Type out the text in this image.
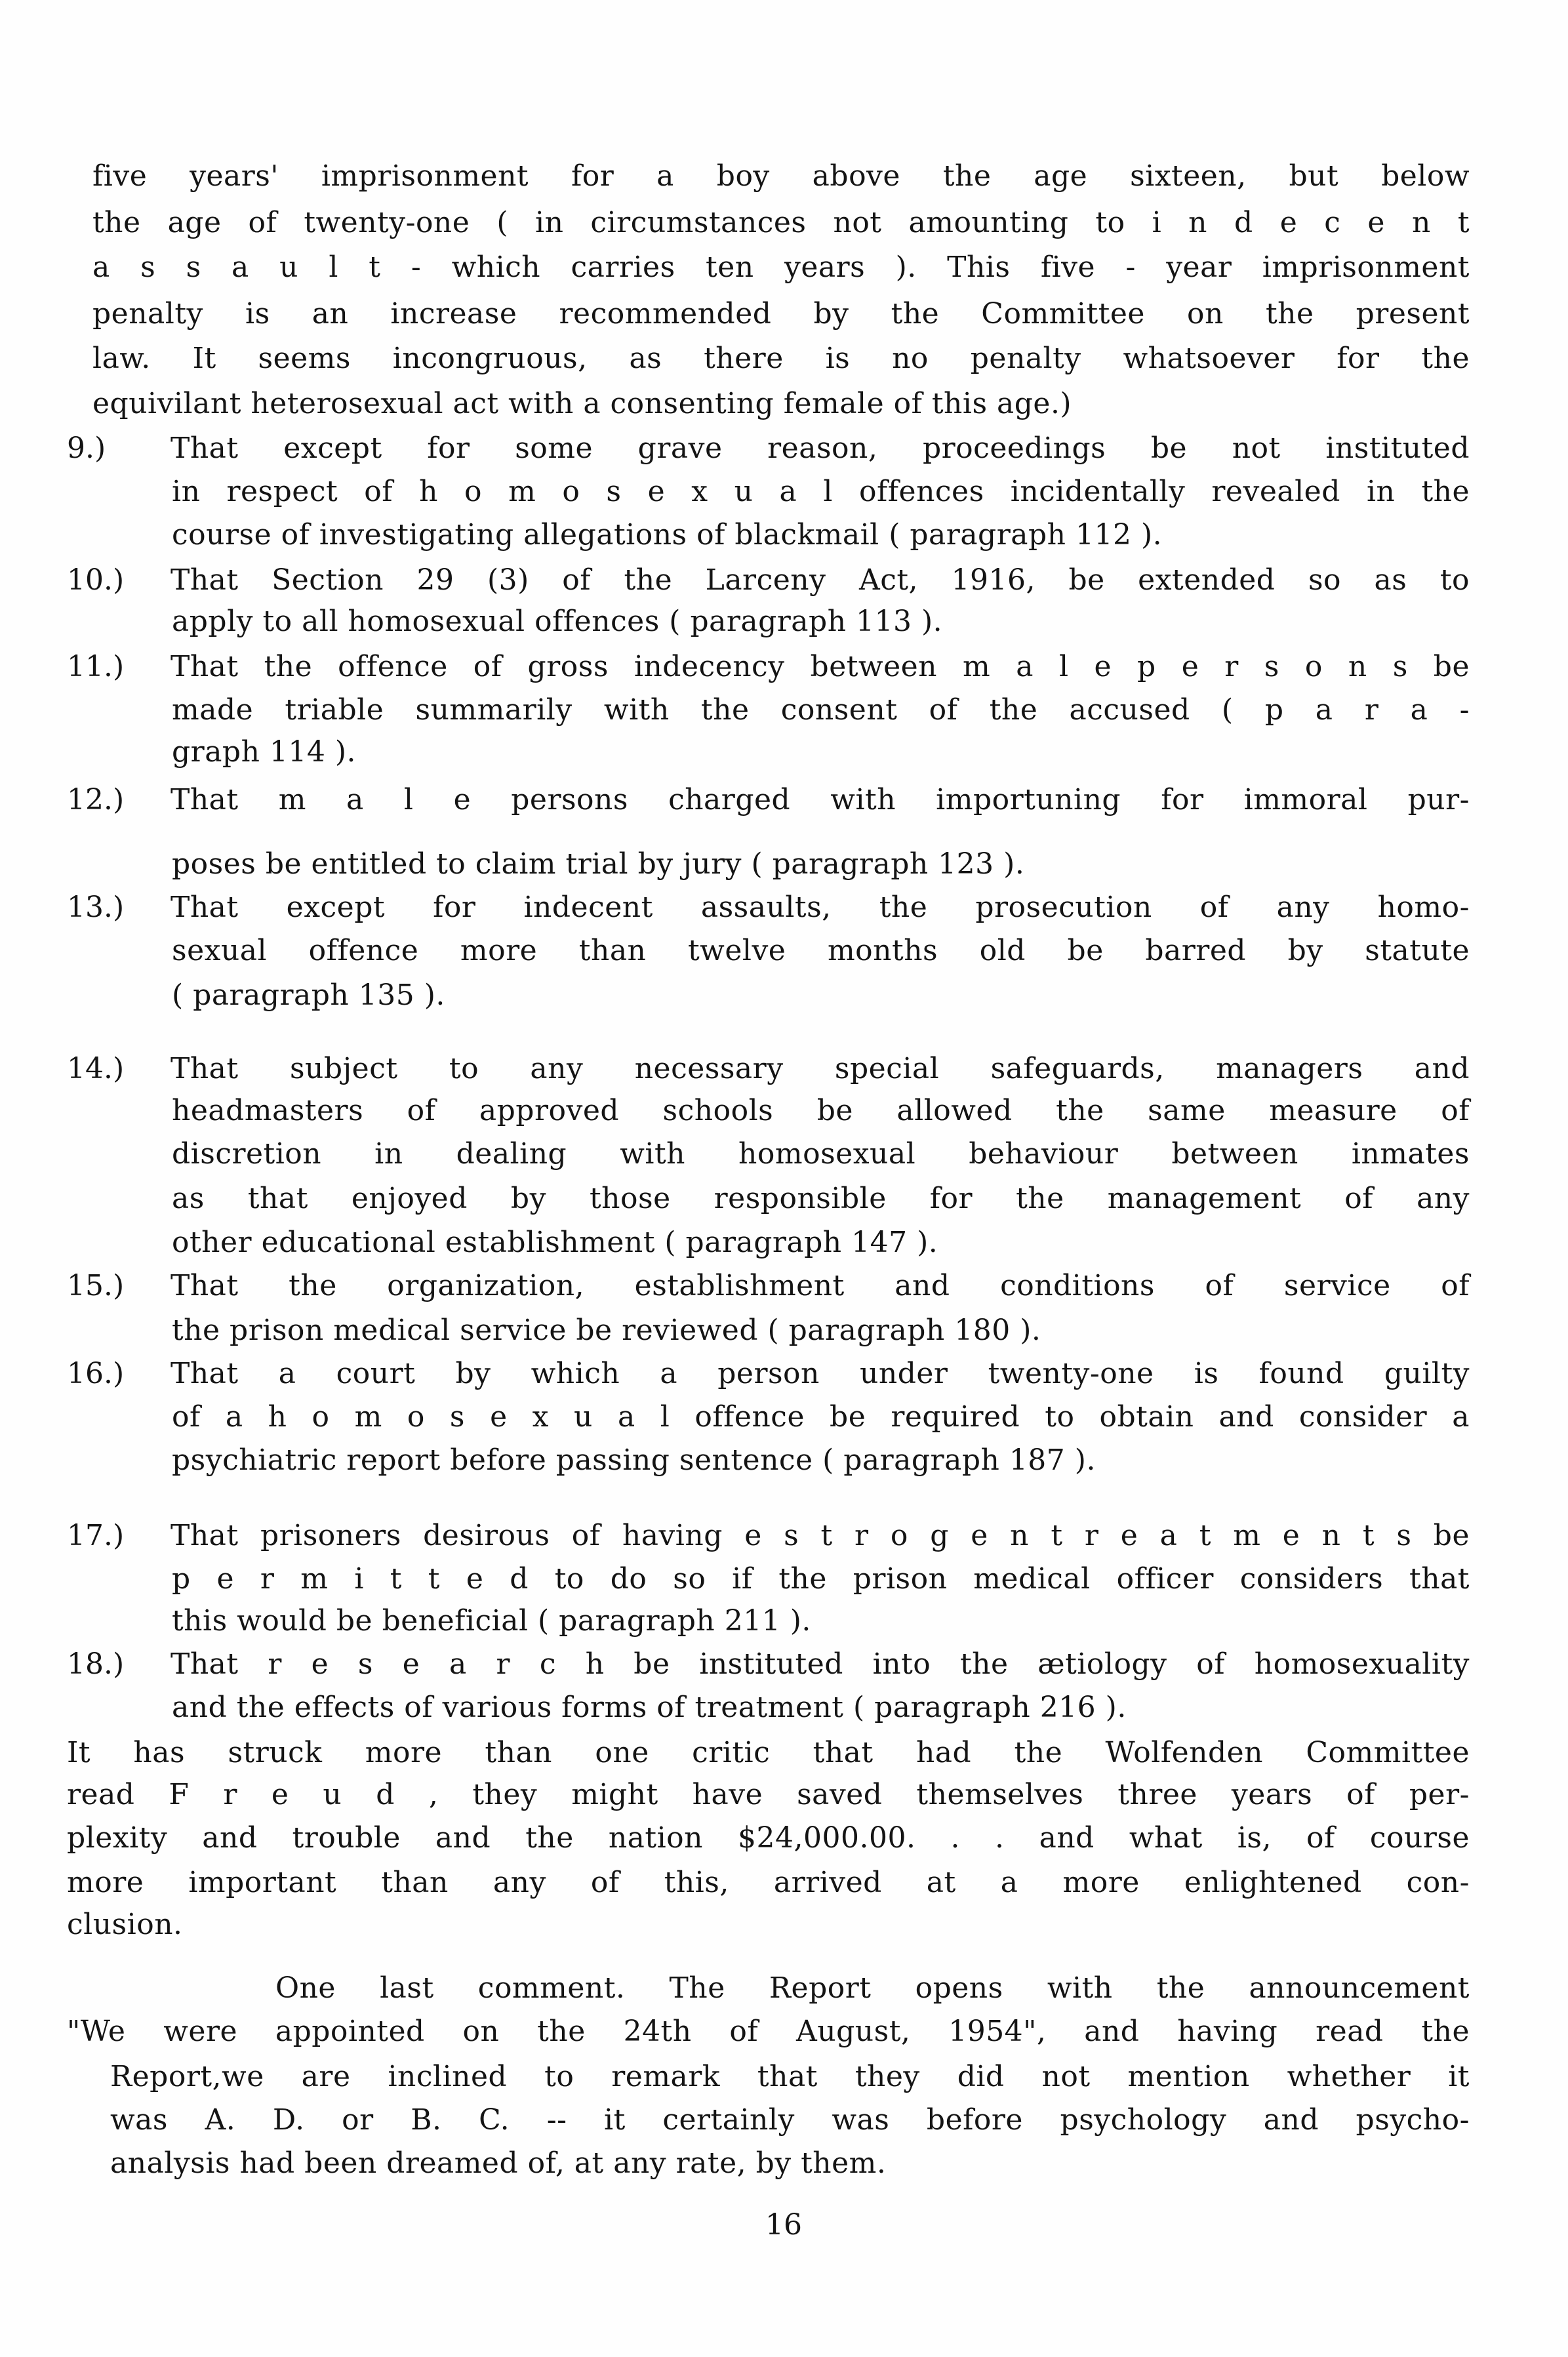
five years' imprisonment for a boy above the age sixteen, but below
the age of twenty-one ( in circumstances not amounting to i n d e c e n t
a s s a u l t - which carries ten years ). This five - year imprisonment
penalty is an increase recommended by the Committee on the present
law. It seems incongruous, as there is no penalty whatsoever for the
equivilant heterosexual act with a consenting female of this age.)
9.) That except for some grave reason, proceedings be not instituted
in respect of h o m o s e x u a l offences incidentally revealed in the
course of investigating allegations of blackmail ( paragraph 112 ).
10.) That Section 29 (3) of the Larceny Act, 1916, be extended so as to
apply to all homosexual offences ( paragraph 113 ).
11.) That the offence of gross indecency between m a l e p e r s o n s be
made triable summarily with the consent of the accused ( p a r a -
graph 114 ).
12.) That m a l e persons charged with importuning for immoral pur-
poses be entitled to claim trial by jury ( paragraph 123 ).
13.) That except for indecent assaults, the prosecution of any homo-
sexual offence more than twelve months old be barred by statute
( paragraph 135 ).
14.) That subject to any necessary special safeguards, managers and
headmasters of approved schools be allowed the same measure of
discretion in dealing with homosexual behaviour between inmates
as that enjoyed by those responsible for the management of any
other educational establishment ( paragraph 147 ).
15.) That the organization, establishment and conditions of service of
the prison medical service be reviewed ( paragraph 180 ).
16.) That a court by which a person under twenty-one is found guilty
of a h o m o s e x u a l offence be required to obtain and consider a
psychiatric report before passing sentence ( paragraph 187 ).
17.) That prisoners desirous of having e s t r o g e n t r e a t m e n t s be
p e r m i t t e d to do so if the prison medical officer considers that
this would be beneficial ( paragraph 211 ).
18.) That r e s e a r c h be instituted into the ætiology of homosexuality
and the effects of various forms of treatment ( paragraph 216 ).
It has struck more than one critic that had the Wolfenden Committee
read F r e u d , they might have saved themselves three years of per-
plexity and trouble and the nation $24,000.00. . . and what is, of course
more important than any of this, arrived at a more enlightened con-
clusion.
One last comment. The Report opens with the announcement
"We were appointed on the 24th of August, 1954", and having read the
Report,we are inclined to remark that they did not mention whether it
was A. D. or B. C. -- it certainly was before psychology and psycho-
analysis had been dreamed of, at any rate, by them.
16
